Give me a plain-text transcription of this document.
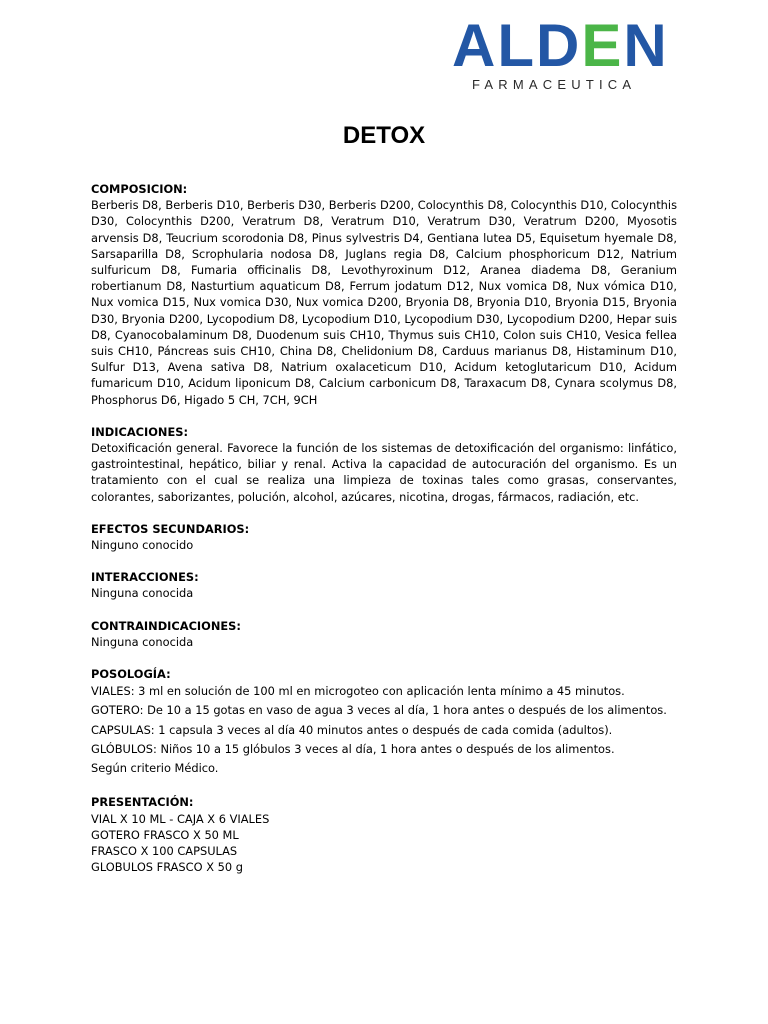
ALDEN
FARMACEUTICA
DETOX
COMPOSICION:
Berberis D8, Berberis D10, Berberis D30, Berberis D200, Colocynthis D8, Colocynthis D10, Colocynthis D30, Colocynthis D200, Veratrum D8, Veratrum D10, Veratrum D30, Veratrum D200, Myosotis arvensis D8, Teucrium scorodonia D8, Pinus sylvestris D4, Gentiana lutea D5, Equisetum hyemale D8, Sarsaparilla D8, Scrophularia nodosa D8, Juglans regia D8, Calcium phosphoricum D12, Natrium sulfuricum D8, Fumaria officinalis D8, Levothyroxinum D12, Aranea diadema D8, Geranium robertianum D8, Nasturtium aquaticum D8, Ferrum jodatum D12, Nux vomica D8, Nux vómica D10, Nux vomica D15, Nux vomica D30, Nux vomica D200, Bryonia D8, Bryonia D10, Bryonia D15, Bryonia D30, Bryonia D200, Lycopodium D8, Lycopodium D10, Lycopodium D30, Lycopodium D200, Hepar suis D8, Cyanocobalaminum D8, Duodenum suis CH10, Thymus suis CH10, Colon suis CH10, Vesica fellea suis CH10, Páncreas suis CH10, China D8, Chelidonium D8, Carduus marianus D8, Histaminum D10, Sulfur D13, Avena sativa D8, Natrium oxalaceticum D10, Acidum ketoglutaricum D10, Acidum fumaricum D10, Acidum liponicum D8, Calcium carbonicum D8, Taraxacum D8, Cynara scolymus D8, Phosphorus D6, Higado 5 CH, 7CH, 9CH
INDICACIONES:
Detoxificación general. Favorece la función de los sistemas de detoxificación del organismo: linfático, gastrointestinal, hepático, biliar y renal. Activa la capacidad de autocuración del organismo. Es un tratamiento con el cual se realiza una limpieza de toxinas tales como grasas, conservantes, colorantes, saborizantes, polución, alcohol, azúcares, nicotina, drogas, fármacos, radiación, etc.
EFECTOS SECUNDARIOS:
Ninguno conocido
INTERACCIONES:
Ninguna conocida
CONTRAINDICACIONES:
Ninguna conocida
POSOLOGÍA:
VIALES: 3 ml en solución de 100 ml en microgoteo con aplicación lenta mínimo a 45 minutos.
GOTERO: De 10 a 15 gotas en vaso de agua 3 veces al día, 1 hora antes o después de los alimentos.
CAPSULAS: 1 capsula 3 veces al día 40 minutos antes o después de cada comida (adultos).
GLÓBULOS: Niños 10 a 15 glóbulos 3 veces al día, 1 hora antes o después de los alimentos.
Según criterio Médico.
PRESENTACIÓN:
VIAL X 10 ML - CAJA X 6 VIALES
GOTERO FRASCO X 50 ML
FRASCO X 100 CAPSULAS
GLOBULOS FRASCO X 50 g
